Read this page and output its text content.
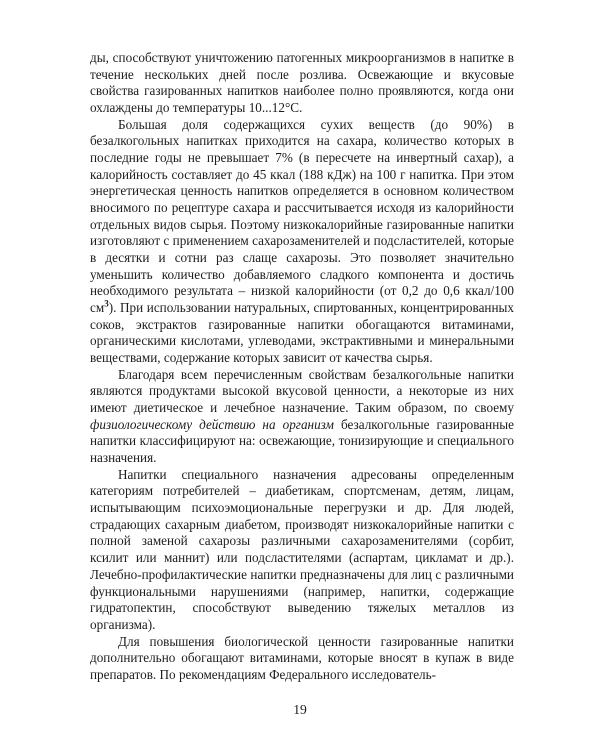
ды, способствуют уничтожению патогенных микроорганизмов в напитке в течение нескольких дней после розлива. Освежающие и вкусовые свойства газированных напитков наиболее полно проявляются, когда они охлаждены до температуры 10...12°С.

Большая доля содержащихся сухих веществ (до 90%) в безалкогольных напитках приходится на сахара, количество которых в последние годы не превышает 7% (в пересчете на инвертный сахар), а калорийность составляет до 45 ккал (188 кДж) на 100 г напитка. При этом энергетическая ценность напитков определяется в основном количеством вносимого по рецептуре сахара и рассчитывается исходя из калорийности отдельных видов сырья. Поэтому низкокалорийные газированные напитки изготовляют с применением сахарозаменителей и подсластителей, которые в десятки и сотни раз слаще сахарозы. Это позволяет значительно уменьшить количество добавляемого сладкого компонента и достичь необходимого результата – низкой калорийности (от 0,2 до 0,6 ккал/100 $см^3$). При использовании натуральных, спиртованных, концентрированных соков, экстрактов газированные напитки обогащаются витаминами, органическими кислотами, углеводами, экстрактивными и минеральными веществами, содержание которых зависит от качества сырья.

Благодаря всем перечисленным свойствам безалкогольные напитки являются продуктами высокой вкусовой ценности, а некоторые из них имеют диетическое и лечебное назначение. Таким образом, по своему физиологическому действию на организм безалкогольные газированные напитки классифицируют на: освежающие, тонизирующие и специального назначения.

Напитки специального назначения адресованы определенным категориям потребителей – диабетикам, спортсменам, детям, лицам, испытывающим психоэмоциональные перегрузки и др. Для людей, страдающих сахарным диабетом, производят низкокалорийные напитки с полной заменой сахарозы различными сахарозаменителями (сорбит, ксилит или маннит) или подсластителями (аспартам, цикламат и др.). Лечебно-профилактические напитки предназначены для лиц с различными функциональными нарушениями (например, напитки, содержащие гидратопектин, способствуют выведению тяжелых металлов из организма).

Для повышения биологической ценности газированные напитки дополнительно обогащают витаминами, которые вносят в купаж в виде препаратов. По рекомендациям Федерального исследователь-

19
